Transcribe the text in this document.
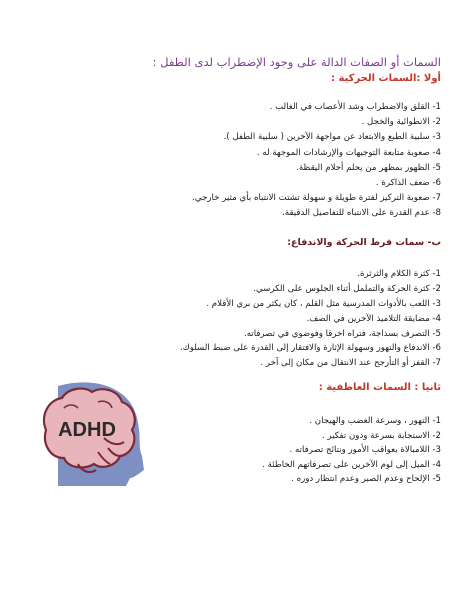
السمات أو الصفات الدالة على وجود الإضطراب لدى الطفل :
أولا :السمات الحركية :
1- القلق والاضطراب وشد الأعصاب في الغالب .
2- الانطوائية والخجل .
3- سلبية الطبع والابتعاد عن مواجهة الآخرين ( سلبية الطفل ).
4- صعوبة متابعة التوجيهات والإرشادات الموجهة له .
5- الظهور بمظهر من يحلم أحلام اليقظة.
6- ضعف الذاكرة .
7- صعوبة التركيز لفترة طويلة و سهولة تشتت الانتباه بأي مثير خارجي.
8- عدم القدرة على الانتباه للتفاصيل الدقيقة.
ب- سمات فرط الحركة والاندفاع:
1- كثرة الكلام والثرثرة.
2- كثرة الحركة والتململ أثناء الجلوس على الكرسي.
3- اللعب بالأدوات المدرسية مثل القلم ، كان يكثر من بري الأقلام .
4- مضايقة التلاميذ الآخرين في الصف.
5- التصرف بسذاجة، فتراه اخرقا وفوضوي في تصرفاته.
6- الاندفاع والتهور وسهولة الإثارة والافتقار إلى القدرة على ضبط السلوك.
7- القفز أو التأرجح عند الانتقال من مكان إلى آخر .
ثانيا : السمات العاطفية :
1- التهور ، وسرعة الغضب والهيجان .
2- الاستجابة بسرعة ودون تفكير .
3- اللامبالاة بعواقب الأمور ونتائج تصرفاته .
4- الميل إلى لوم الآخرين على تصرفاتهم الخاطئة .
5- الإلحاح وعدم الصبر وعدم انتظار دوره .
ADHD
